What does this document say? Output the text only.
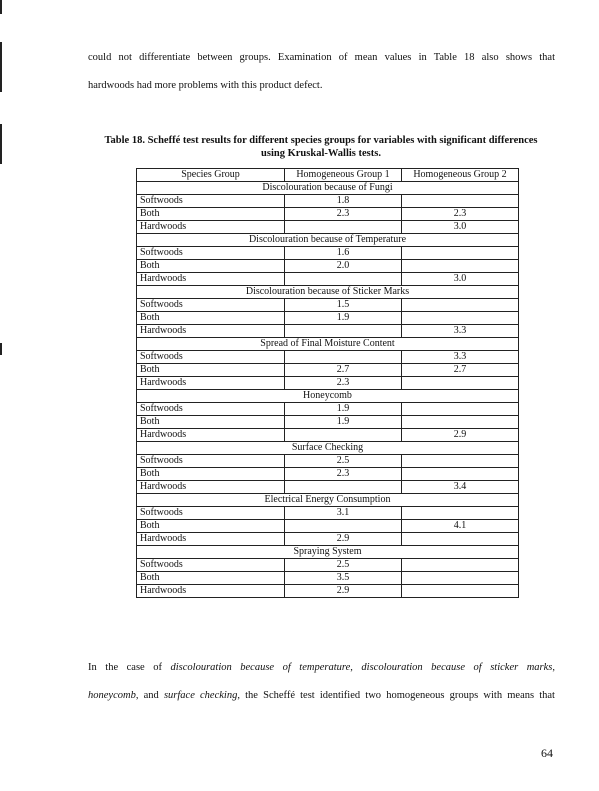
could not differentiate between groups. Examination of mean values in Table 18 also shows that

hardwoods had more problems with this product defect.

Table 18. Scheffé test results for different species groups for variables with significant differences
using Kruskal-Wallis tests.
Species Group	Homogeneous Group 1	Homogeneous Group 2
Discolouration because of Fungi		
Softwoods	1.8	
Both	2.3	2.3
Hardwoods		3.0
Discolouration because of Temperature		
Softwoods	1.6	
Both	2.0	
Hardwoods		3.0
Discolouration because of Sticker Marks		
Softwoods	1.5	
Both	1.9	
Hardwoods		3.3
Spread of Final Moisture Content		
Softwoods		3.3
Both	2.7	2.7
Hardwoods	2.3	
Honeycomb		
Softwoods	1.9	
Both	1.9	
Hardwoods		2.9
Surface Checking		
Softwoods	2.5	
Both	2.3	
Hardwoods		3.4
Electrical Energy Consumption		
Softwoods	3.1	
Both		4.1
Hardwoods	2.9	
Spraying System		
Softwoods	2.5	
Both	3.5	
Hardwoods	2.9	

In the case of discolouration because of temperature, discolouration because of sticker marks,

honeycomb, and surface checking, the Scheffé test identified two homogeneous groups with means that

64
